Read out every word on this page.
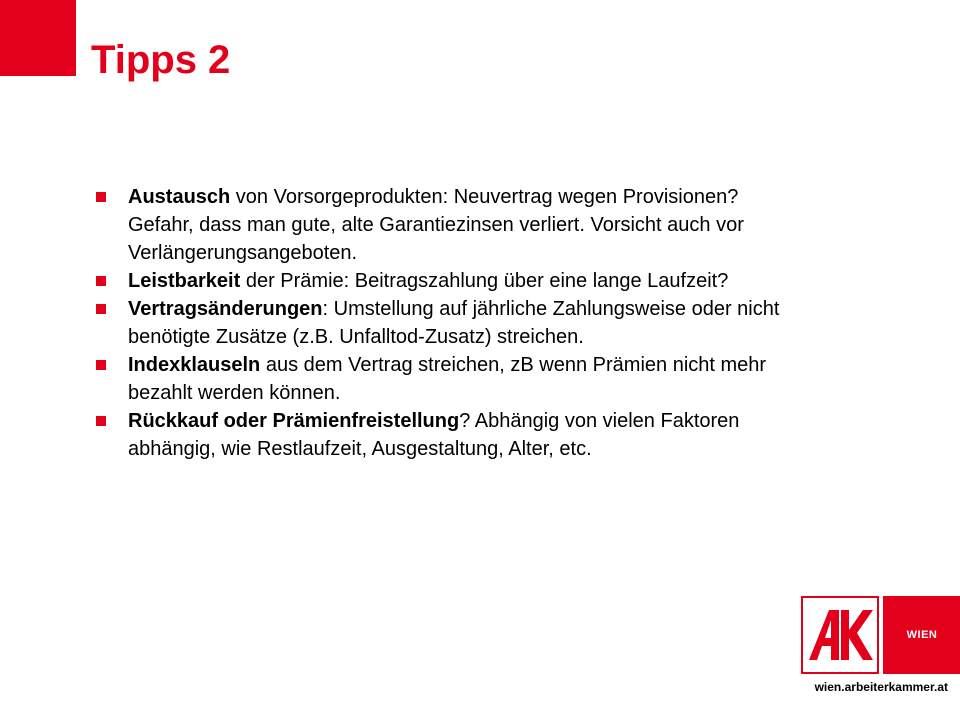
Tipps 2
Austausch von Vorsorgeprodukten: Neuvertrag wegen Provisionen? Gefahr, dass man gute, alte Garantiezinsen verliert. Vorsicht auch vor Verlängerungsangeboten.
Leistbarkeit der Prämie: Beitragszahlung über eine lange Laufzeit?
Vertragsänderungen: Umstellung auf jährliche Zahlungsweise oder nicht benötigte Zusätze (z.B. Unfalltod-Zusatz) streichen.
Indexklauseln aus dem Vertrag streichen, zB wenn Prämien nicht mehr bezahlt werden können.
Rückkauf oder Prämienfreistellung? Abhängig von vielen Faktoren abhängig, wie Restlaufzeit, Ausgestaltung, Alter, etc.
WIEN
wien.arbeiterkammer.at
